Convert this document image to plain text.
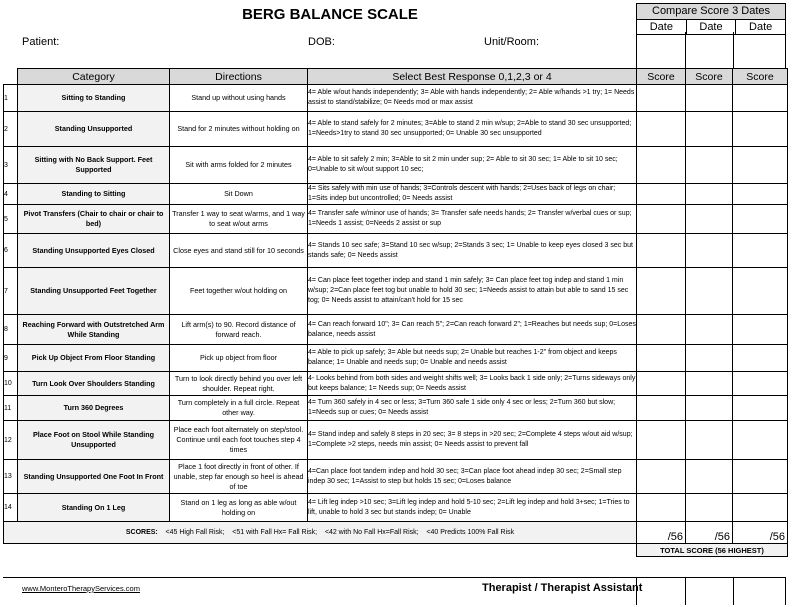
BERG BALANCE SCALE
Patient:	DOB:	Unit/Room:
Compare Score 3 Dates
Date	Date	Date
	Category	Directions	Select Best Response 0,1,2,3 or 4	Score	Score	Score
1	Sitting to Standing	Stand up without using hands	4= Able w/out hands independently; 3= Able with hands independently; 2= Able w/hands >1 try; 1= Needs assist to stand/stabilize; 0= Needs mod or max assist			
2	Standing Unsupported	Stand for 2 minutes without holding on	4= Able to stand safely for 2 minutes; 3=Able to stand 2 min w/sup; 2=Able to stand 30 sec unsupported; 1=Needs>1try to stand 30 sec unsupported; 0= Unable 30 sec unsupported			
3	Sitting with No Back Support. Feet Supported	Sit with arms folded for 2 minutes	4= Able to sit safely 2 min; 3=Able to sit 2 min under sup; 2= Able to sit 30 sec; 1= Able to sit 10 sec; 0=Unable to sit w/out support 10 sec;			
4	Standing to Sitting	Sit Down	4= Sits safely with min use of hands; 3=Controls descent with hands; 2=Uses back of legs on chair; 1=Sits indep but uncontrolled; 0= Needs assist			
5	Pivot Transfers (Chair to chair or chair to bed)	Transfer 1 way to seat w/arms, and 1 way to seat w/out arms	4= Transfer safe w/minor use of hands; 3= Transfer safe needs hands; 2= Transfer w/verbal cues or sup; 1=Needs 1 assist; 0=Needs 2 assist or sup			
6	Standing Unsupported Eyes Closed	Close eyes and stand still for 10 seconds	4= Stands 10 sec safe; 3=Stand 10 sec w/sup; 2=Stands 3 sec; 1= Unable to keep eyes closed 3 sec but stands safe; 0= Needs assist			
7	Standing Unsupported Feet Together	Feet together w/out holding on	4= Can place feet together indep and stand 1 min safely; 3= Can place feet tog indep and stand 1 min w/sup; 2=Can place feet tog but unable to hold 30 sec; 1=Needs assist to attain but able to sand 15 sec tog; 0= Needs assist to attain/can't hold for 15 sec			
8	Reaching Forward with Outstretched Arm While Standing	Lift arm(s) to 90. Record distance of forward reach.	4= Can reach forward 10"; 3= Can reach 5"; 2=Can reach forward 2"; 1=Reaches but needs sup; 0=Loses balance, needs assist			
9	Pick Up Object From Floor Standing	Pick up object from floor	4= Able to pick up safely; 3= Able but needs sup; 2= Unable but reaches 1-2" from object and keeps balance; 1= Unable and needs sup; 0= Unable and needs assist			
10	Turn Look Over Shoulders Standing	Turn to look directly behind you over left shoulder. Repeat right.	4- Looks behind from both sides and weight shifts well; 3= Looks back 1 side only; 2=Turns sideways only but keeps balance; 1= Needs sup; 0= Needs assist			
11	Turn 360 Degrees	Turn completely in a full circle. Repeat other way.	4= Turn 360 safely in 4 sec or less; 3=Turn 360 safe 1 side only 4 sec or less; 2=Turn 360 but slow; 1=Needs sup or cues; 0= Needs assist			
12	Place Foot on Stool While Standing Unsupported	Place each foot alternately on step/stool. Continue until each foot touches step 4 times	4= Stand indep and safely 8 steps in 20 sec; 3= 8 steps in >20 sec; 2=Complete 4 steps w/out aid w/sup; 1=Complete >2 steps, needs min assist; 0= Needs assist to prevent fall			
13	Standing Unsupported One Foot In Front	Place 1 foot directly in front of other. If unable, step far enough so heel is ahead of toe	4=Can place foot tandem indep and hold 30 sec; 3=Can place foot ahead indep 30 sec; 2=Small step indep 30 sec; 1=Assist to step but holds 15 sec; 0=Loses balance			
14	Standing On 1 Leg	Stand on 1 leg as long as able w/out holding on	4= Lift leg indep >10 sec; 3=Lift leg indep and hold 5-10 sec; 2=Lift leg indep and hold 3+sec; 1=Tries to lift, unable to hold 3 sec but stands indep; 0= Unable			
SCORES: <45 High Fall Risk; <51 with Fall Hx= Fall Risk; <42 with No Fall Hx=Fall Risk; <40 Predicts 100% Fall Risk				/56	/56	/56
				TOTAL SCORE (56 HIGHEST)		
www.MonteroTherapyServices.com	Therapist / Therapist Assistant
